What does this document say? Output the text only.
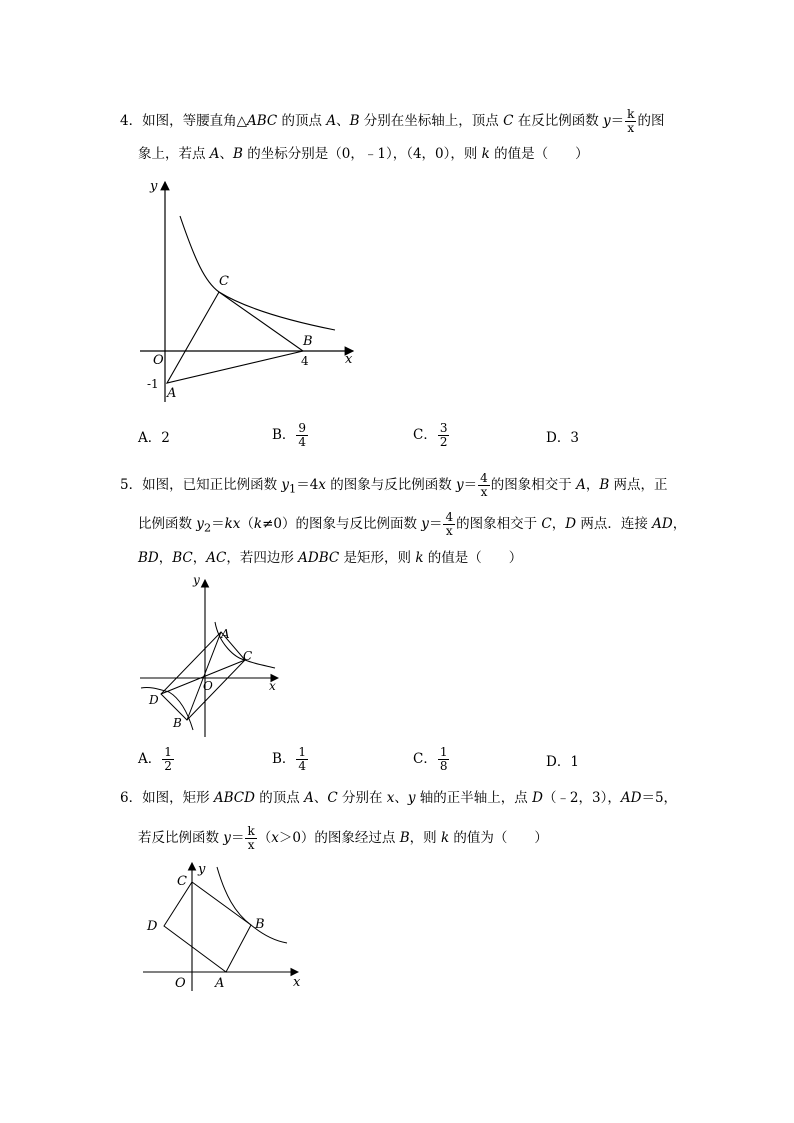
4．如图，等腰直角△ABC 的顶点 A、B 分别在坐标轴上，顶点 C 在反比例函数 $y= \frac{k}{x}$ 的图
象上，若点 A、B 的坐标分别是（0，﹣1），（4，0），则 k 的值是（　　）
y
x
O
C
B
A
4
-1
A．2	B． $\frac{9}{4}$	C． $\frac{3}{2}$	D．3
5．如图，已知正比例函数 $y_1=4x$ 的图象与反比例函数 $y= \frac{4}{x}$ 的图象相交于 A，B 两点，正
比例函数 $y_2=kx(k\ne 0)$的图象与反比例面数 $y= \frac{4}{x}$ 的图象相交于 C，D 两点．连接 AD，
BD，BC，AC，若四边形 ADBC 是矩形，则 k 的值是（　　）
y
x
O
A
C
D
B
A． $\frac{1}{2}$	B． $\frac{1}{4}$	C． $\frac{1}{8}$	D．1
6．如图，矩形 ABCD 的顶点 A、C 分别在 x、y 轴的正半轴上，点 D（﹣2，3），AD＝5，
若反比例函数 $y= \frac{k}{x} (x>0)$的图象经过点 B，则 k 的值为（　　）
y
x
O
C
D	B
A
